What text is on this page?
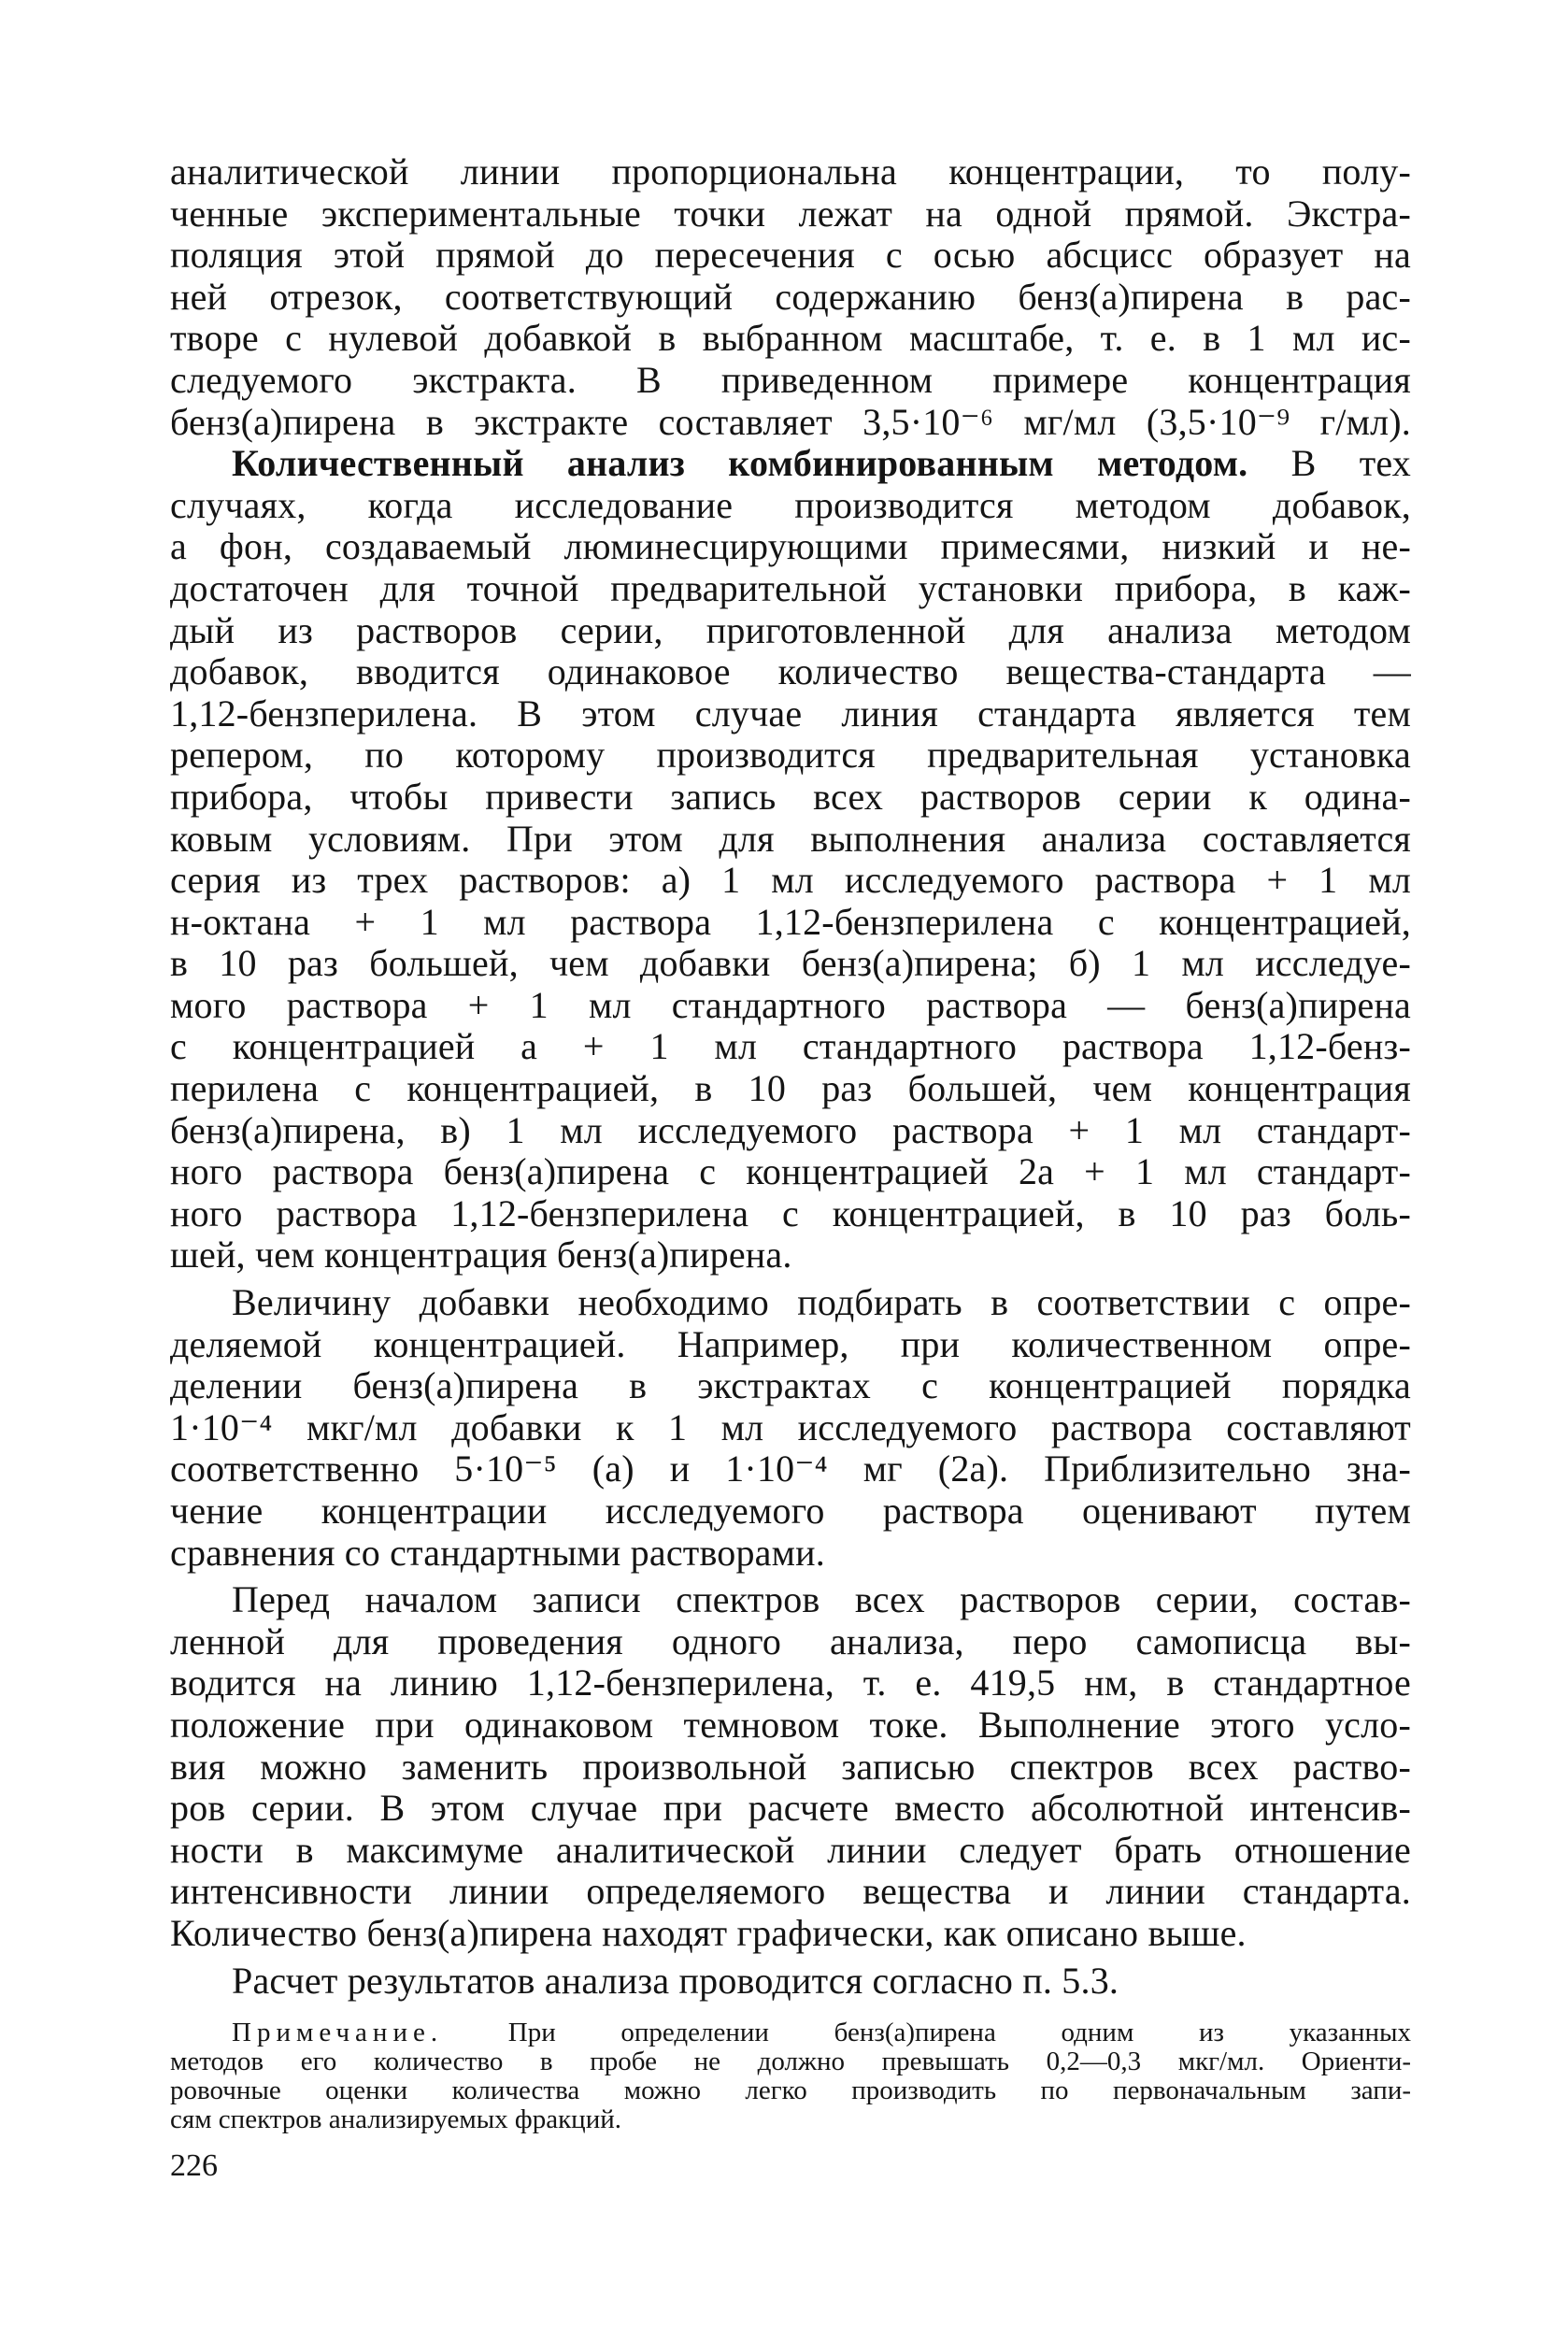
аналитической линии пропорциональна концентрации, то полу-
ченные экспериментальные точки лежат на одной прямой. Экстра-
поляция этой прямой до пересечения с осью абсцисс образует на
ней отрезок, соответствующий содержанию бенз(а)пирена в рас-
творе с нулевой добавкой в выбранном масштабе, т. е. в 1 мл ис-
следуемого экстракта. В приведенном примере концентрация
бенз(а)пирена в экстракте составляет 3,5·10⁻⁶ мг/мл (3,5·10⁻⁹ г/мл).
Количественный анализ комбинированным методом. В тех
случаях, когда исследование производится методом добавок,
а фон, создаваемый люминесцирующими примесями, низкий и не-
достаточен для точной предварительной установки прибора, в каж-
дый из растворов серии, приготовленной для анализа методом
добавок, вводится одинаковое количество вещества-стандарта —
1,12-бензперилена. В этом случае линия стандарта является тем
репером, по которому производится предварительная установка
прибора, чтобы привести запись всех растворов серии к одина-
ковым условиям. При этом для выполнения анализа составляется
серия из трех растворов: а) 1 мл исследуемого раствора + 1 мл
н-октана + 1 мл раствора 1,12-бензперилена с концентрацией,
в 10 раз большей, чем добавки бенз(а)пирена; б) 1 мл исследуе-
мого раствора + 1 мл стандартного раствора — бенз(а)пирена
с концентрацией а + 1 мл стандартного раствора 1,12-бенз-
перилена с концентрацией, в 10 раз большей, чем концентрация
бенз(а)пирена, в) 1 мл исследуемого раствора + 1 мл стандарт-
ного раствора бенз(а)пирена с концентрацией 2а + 1 мл стандарт-
ного раствора 1,12-бензперилена с концентрацией, в 10 раз боль-
шей, чем концентрация бенз(а)пирена.
Величину добавки необходимо подбирать в соответствии с опре-
деляемой концентрацией. Например, при количественном опре-
делении бенз(а)пирена в экстрактах с концентрацией порядка
1·10⁻⁴ мкг/мл добавки к 1 мл исследуемого раствора составляют
соответственно 5·10⁻⁵ (а) и 1·10⁻⁴ мг (2а). Приблизительно зна-
чение концентрации исследуемого раствора оценивают путем
сравнения со стандартными растворами.
Перед началом записи спектров всех растворов серии, состав-
ленной для проведения одного анализа, перо самописца вы-
водится на линию 1,12-бензперилена, т. е. 419,5 нм, в стандартное
положение при одинаковом темновом токе. Выполнение этого усло-
вия можно заменить произвольной записью спектров всех раство-
ров серии. В этом случае при расчете вместо абсолютной интенсив-
ности в максимуме аналитической линии следует брать отношение
интенсивности линии определяемого вещества и линии стандарта.
Количество бенз(а)пирена находят графически, как описано выше.
Расчет результатов анализа проводится согласно п. 5.3.
Примечание. При определении бенз(а)пирена одним из указанных
методов его количество в пробе не должно превышать 0,2—0,3 мкг/мл. Ориенти-
ровочные оценки количества можно легко производить по первоначальным запи-
сям спектров анализируемых фракций.
226
